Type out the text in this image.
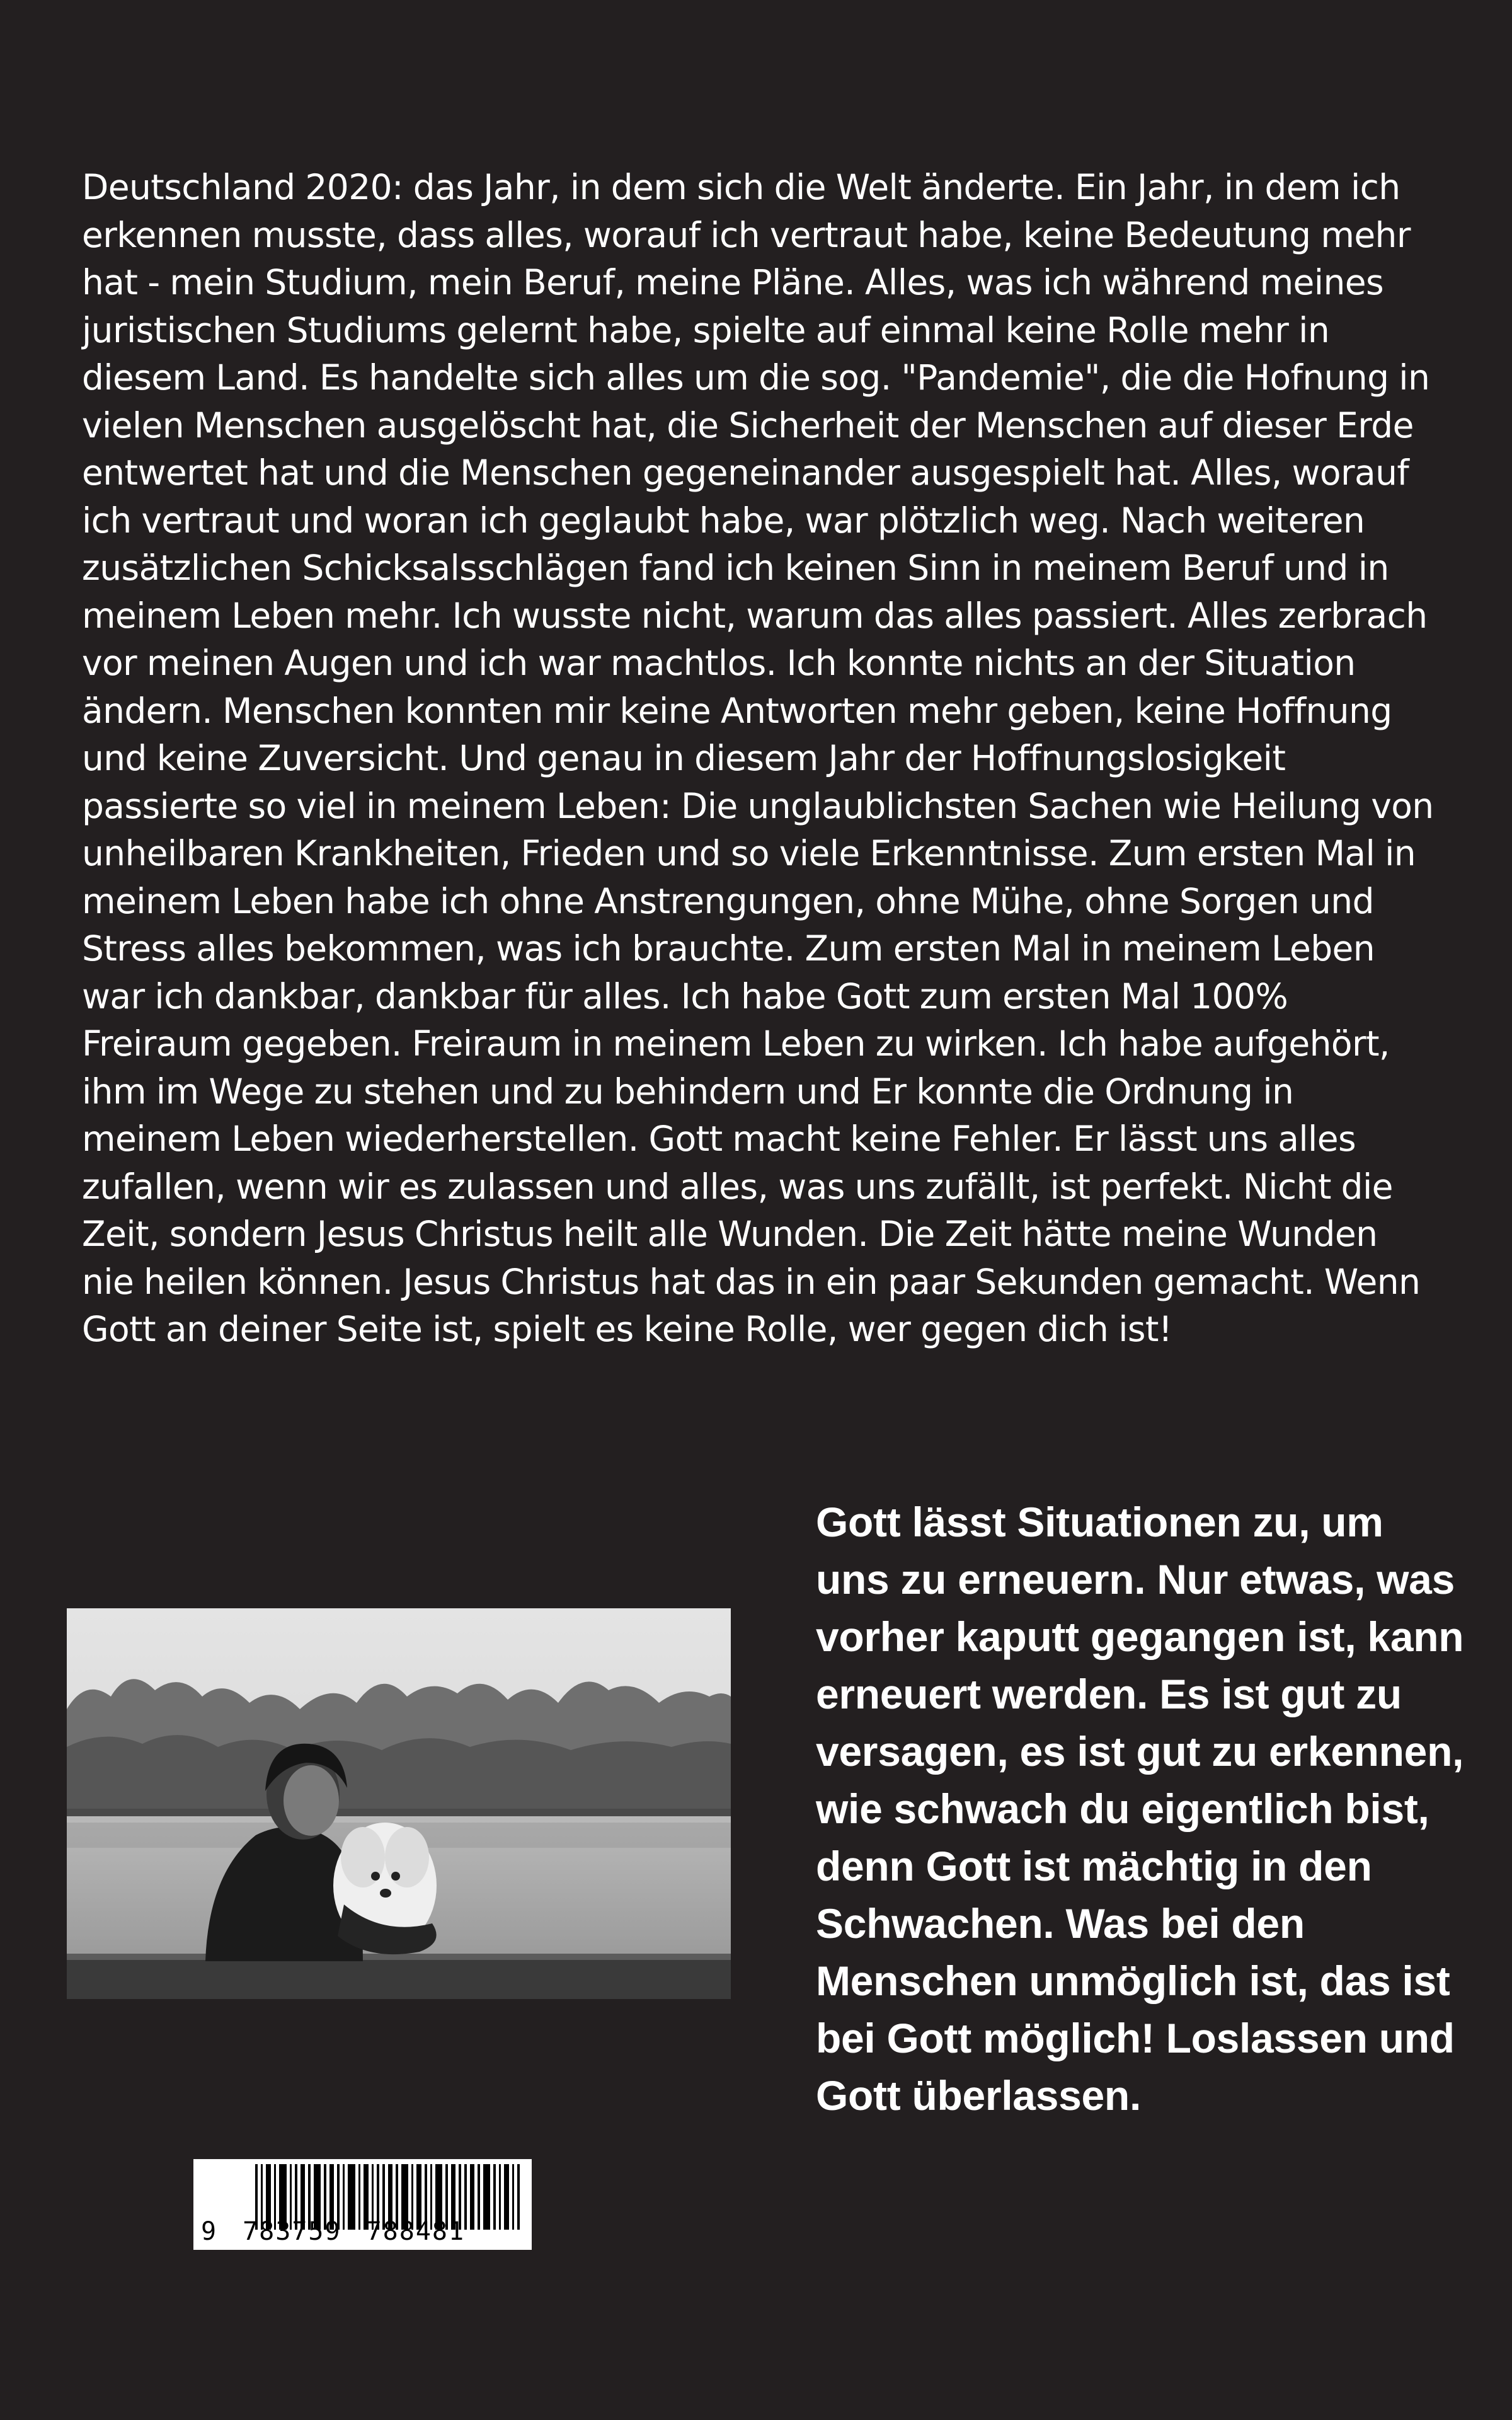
Deutschland 2020: das Jahr, in dem sich die Welt änderte. Ein Jahr, in dem ich erkennen musste, dass alles, worauf ich vertraut habe, keine Bedeutung mehr hat - mein Studium, mein Beruf, meine Pläne. Alles, was ich während meines juristischen Studiums gelernt habe, spielte auf einmal keine Rolle mehr in diesem Land. Es handelte sich alles um die sog. "Pandemie", die die Hofnung in vielen Menschen ausgelöscht hat, die Sicherheit der Menschen auf dieser Erde entwertet hat und die Menschen gegeneinander ausgespielt hat. Alles, worauf ich vertraut und woran ich geglaubt habe, war plötzlich weg. Nach weiteren zusätzlichen Schicksalsschlägen fand ich keinen Sinn in meinem Beruf und in meinem Leben mehr. Ich wusste nicht, warum das alles passiert. Alles zerbrach vor meinen Augen und ich war machtlos. Ich konnte nichts an der Situation ändern. Menschen konnten mir keine Antworten mehr geben, keine Hoffnung und keine Zuversicht. Und genau in diesem Jahr der Hoffnungslosigkeit passierte so viel in meinem Leben: Die unglaublichsten Sachen wie Heilung von unheilbaren Krankheiten, Frieden und so viele Erkenntnisse. Zum ersten Mal in meinem Leben habe ich ohne Anstrengungen, ohne Mühe, ohne Sorgen und Stress alles bekommen, was ich brauchte. Zum ersten Mal in meinem Leben war ich dankbar, dankbar für alles. Ich habe Gott zum ersten Mal 100% Freiraum gegeben. Freiraum in meinem Leben zu wirken. Ich habe aufgehört, ihm im Wege zu stehen und zu behindern und Er konnte die Ordnung in meinem Leben wiederherstellen. Gott macht keine Fehler. Er lässt uns alles zufallen, wenn wir es zulassen und alles, was uns zufällt, ist perfekt. Nicht die Zeit, sondern Jesus Christus heilt alle Wunden. Die Zeit hätte meine Wunden nie heilen können. Jesus Christus hat das in ein paar Sekunden gemacht. Wenn Gott an deiner Seite ist, spielt es keine Rolle, wer gegen dich ist!

Gott lässt Situationen zu, um uns zu erneuern. Nur etwas, was vorher kaputt gegangen ist, kann erneuert werden. Es ist gut zu versagen, es ist gut zu erkennen, wie schwach du eigentlich bist, denn Gott ist mächtig in den Schwachen. Was bei den Menschen unmöglich ist, das ist bei Gott möglich! Loslassen und Gott überlassen.

9 783759 788481
